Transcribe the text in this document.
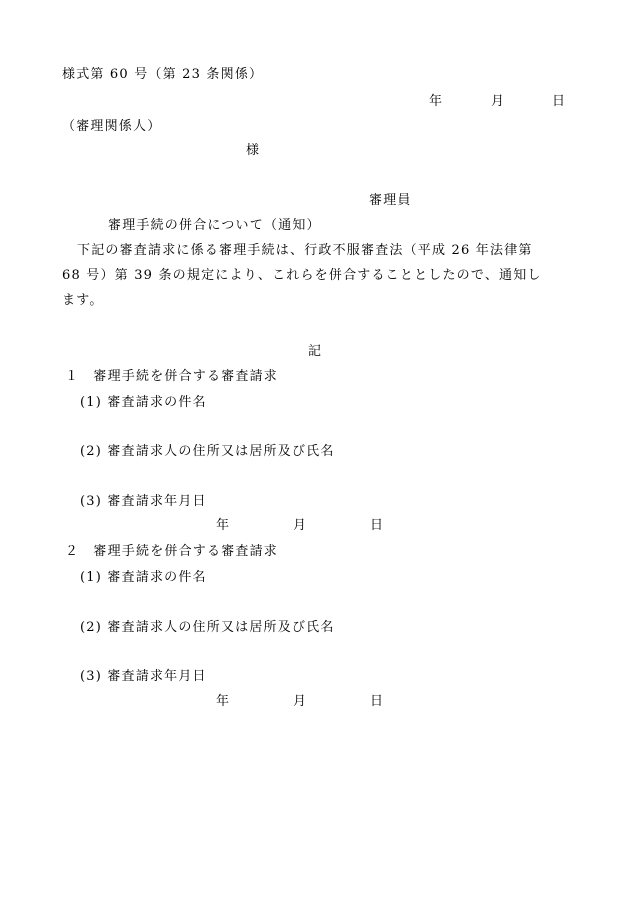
様式第 60 号（第 23 条関係）
年	月	日
（審理関係人）
様
審理員
審理手続の併合について（通知）
下記の審査請求に係る審理手続は、行政不服審査法（平成 26 年法律第
68 号）第 39 条の規定により、これらを併合することとしたので、通知し
ます。
記
１　審理手続を併合する審査請求
(1) 審査請求の件名
(2) 審査請求人の住所又は居所及び氏名
(3) 審査請求年月日
年	月	日
２　審理手続を併合する審査請求
(1) 審査請求の件名
(2) 審査請求人の住所又は居所及び氏名
(3) 審査請求年月日
年	月	日
